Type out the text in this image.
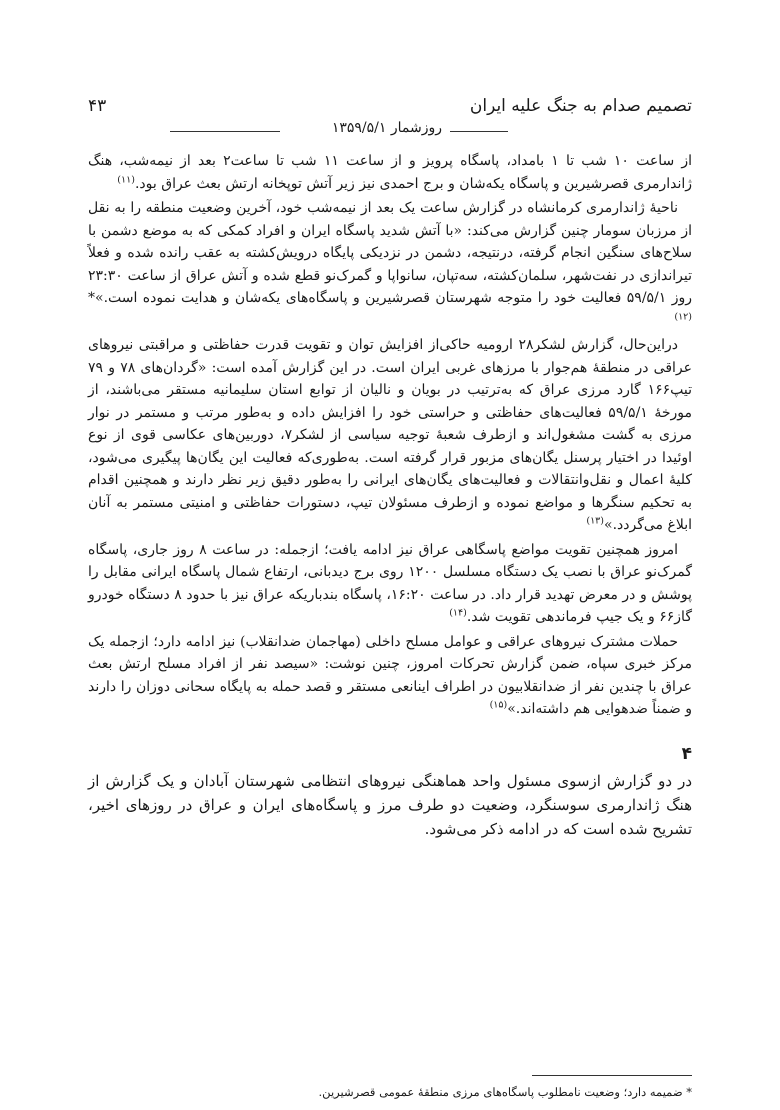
تصمیم صدام به جنگ علیه ایران
۴۳
روزشمار ۱۳۵۹/۵/۱

از ساعت ۱۰ شب تا ۱ بامداد، پاسگاه پرویز و از ساعت ۱۱ شب تا ساعت۲ بعد از نیمه‌شب، هنگ ژاندارمری قصرشیرین و پاسگاه یکه‌شان و برج احمدی نیز زیر آتش توپخانه ارتش بعث عراق بود.$^{(۱۱)}$

ناحیهٔ ژاندارمری کرمانشاه در گزارش ساعت یک بعد از نیمه‌شب خود، آخرین وضعیت منطقه را به نقل از مرزبان سومار چنین گزارش می‌کند: «با آتش شدید پاسگاه ایران و افراد کمکی که به موضع دشمن با سلاح‌های سنگین انجام گرفته، درنتیجه، دشمن در نزدیکی پایگاه درویش‌کشته به عقب رانده شده و فعلاً تیراندازی در نفت‌شهر، سلمان‌کشته، سه‌تپان، سانواپا و گمرک‌نو قطع شده و آتش عراق از ساعت ۲۳:۳۰ روز ۵۹/۵/۱ فعالیت خود را متوجه شهرستان قصرشیرین و پاسگاه‌های یکه‌شان و هدایت نموده است.»*$^{(۱۲)}$

دراین‌حال، گزارش لشکر۲۸ ارومیه حاکی‌از افزایش توان و تقویت قدرت حفاظتی و مراقبتی نیروهای عراقی در منطقهٔ هم‌جوار با مرزهای غربی ایران است. در این گزارش آمده است: «گردان‌های ۷۸ و ۷۹ تیپ۱۶۶ گارد مرزی عراق که به‌ترتیب در بویان و نالیان از توابع استان سلیمانیه مستقر می‌باشند، از مورخهٔ ۵۹/۵/۱ فعالیت‌های حفاظتی و حراستی خود را افزایش داده و به‌طور مرتب و مستمر در نوار مرزی به گشت مشغول‌اند و ازطرف شعبهٔ توجیه سیاسی از لشکر۷، دوربین‌های عکاسی قوی از نوع اوئیدا در اختیار پرسنل یگان‌های مزبور قرار گرفته است. به‌طوری‌که فعالیت این یگان‌ها پیگیری می‌شود، کلیهٔ اعمال و نقل‌وانتقالات و فعالیت‌های یگان‌های ایرانی را به‌طور دقیق زیر نظر دارند و همچنین اقدام به تحکیم سنگرها و مواضع نموده و ازطرف مسئولان تیپ، دستورات حفاظتی و امنیتی مستمر به آنان ابلاغ می‌گردد.»$^{(۱۳)}$

امروز همچنین تقویت مواضع پاسگاهی عراق نیز ادامه یافت؛ ازجمله: در ساعت ۸ روز جاری، پاسگاه گمرک‌نو عراق با نصب یک دستگاه مسلسل ۱۲۰۰ روی برج دیدبانی، ارتفاع شمال پاسگاه ایرانی مقابل را پوشش و در معرض تهدید قرار داد. در ساعت ۱۶:۲۰، پاسگاه بندباریکه عراق نیز با حدود ۸ دستگاه خودرو گاز۶۶ و یک جیپ فرماندهی تقویت شد.$^{(۱۴)}$

حملات مشترک نیروهای عراقی و عوامل مسلح داخلی (مهاجمان ضدانقلاب) نیز ادامه دارد؛ ازجمله یک مرکز خبری سپاه، ضمن گزارش تحرکات امروز، چنین نوشت: «سیصد نفر از افراد مسلح ارتش بعث عراق با چندین نفر از ضدانقلابیون در اطراف اینانعی مستقر و قصد حمله به پایگاه سحانی دوزان را دارند و ضمناً ضدهوایی هم داشته‌اند.»$^{(۱۵)}$

۴

در دو گزارش ازسوی مسئول واحد هماهنگی نیروهای انتظامی شهرستان آبادان و یک گزارش از هنگ ژاندارمری سوسنگرد، وضعیت دو طرف مرز و پاسگاه‌های ایران و عراق در روزهای اخیر، تشریح شده است که در ادامه ذکر می‌شود.

* ضمیمه دارد؛ وضعیت نامطلوب پاسگاه‌های مرزی منطقهٔ عمومی قصرشیرین.
